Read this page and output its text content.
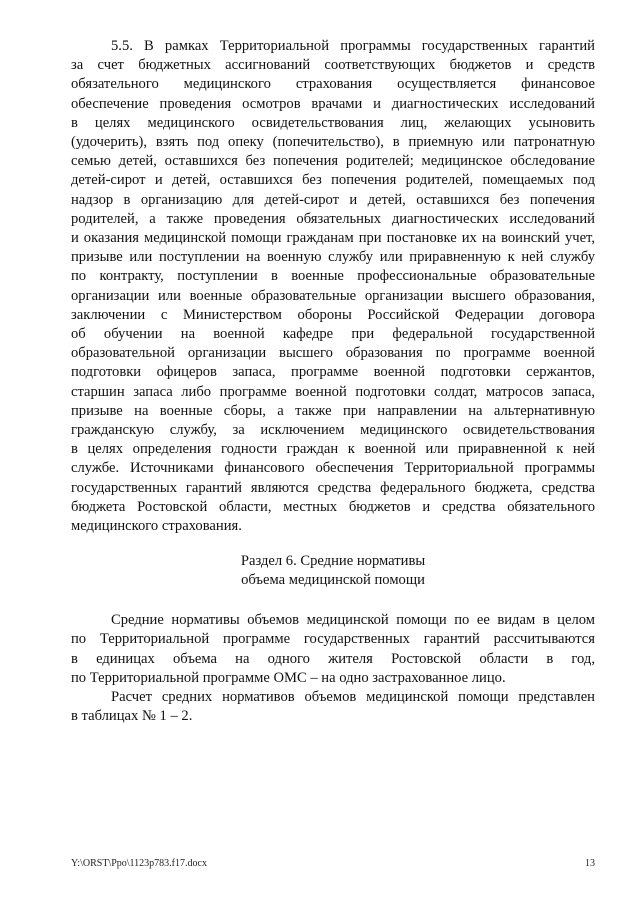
5.5. В рамках Территориальной программы государственных гарантий
за счет бюджетных ассигнований соответствующих бюджетов и средств
обязательного медицинского страхования осуществляется финансовое
обеспечение проведения осмотров врачами и диагностических исследований
в целях медицинского освидетельствования лиц, желающих усыновить
(удочерить), взять под опеку (попечительство), в приемную или патронатную
семью детей, оставшихся без попечения родителей; медицинское обследование
детей-сирот и детей, оставшихся без попечения родителей, помещаемых под
надзор в организацию для детей-сирот и детей, оставшихся без попечения
родителей, а также проведения обязательных диагностических исследований
и оказания медицинской помощи гражданам при постановке их на воинский учет,
призыве или поступлении на военную службу или приравненную к ней службу
по контракту, поступлении в военные профессиональные образовательные
организации или военные образовательные организации высшего образования,
заключении с Министерством обороны Российской Федерации договора
об обучении на военной кафедре при федеральной государственной
образовательной организации высшего образования по программе военной
подготовки офицеров запаса, программе военной подготовки сержантов,
старшин запаса либо программе военной подготовки солдат, матросов запаса,
призыве на военные сборы, а также при направлении на альтернативную
гражданскую службу, за исключением медицинского освидетельствования
в целях определения годности граждан к военной или приравненной к ней
службе. Источниками финансового обеспечения Территориальной программы
государственных гарантий являются средства федерального бюджета, средства
бюджета Ростовской области, местных бюджетов и средства обязательного
медицинского страхования.

Раздел 6. Средние нормативы
объема медицинской помощи

Средние нормативы объемов медицинской помощи по ее видам в целом
по Территориальной программе государственных гарантий рассчитываются
в единицах объема на одного жителя Ростовской области в год,
по Территориальной программе ОМС – на одно застрахованное лицо.

Расчет средних нормативов объемов медицинской помощи представлен
в таблицах № 1 – 2.

Y:\ORST\Ppo\1123p783.f17.docx	13
